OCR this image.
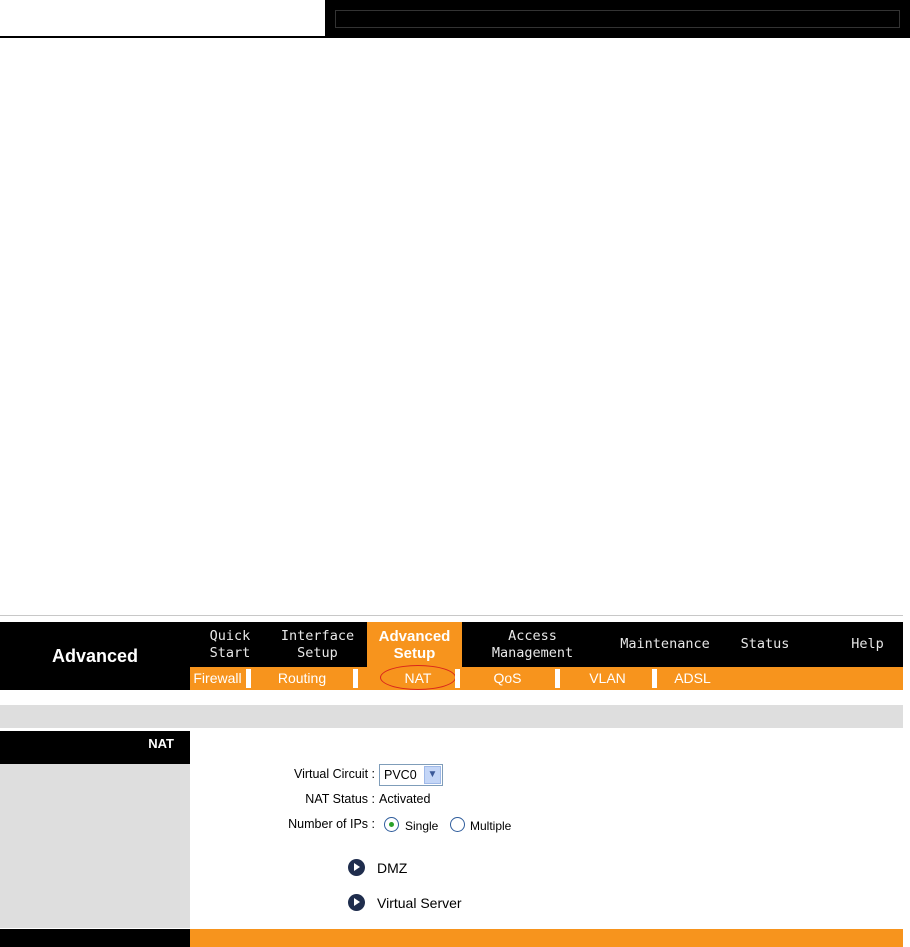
Advanced
Quick
Start
Interface
Setup
Advanced
Setup
Access
Management
Maintenance	Status	Help
Firewall	Routing	NAT	QoS	VLAN	ADSL
NAT
Virtual Circuit : PVC0	▼
NAT Status : Activated
Number of IPs :	Single	Multiple
DMZ
Virtual Server
